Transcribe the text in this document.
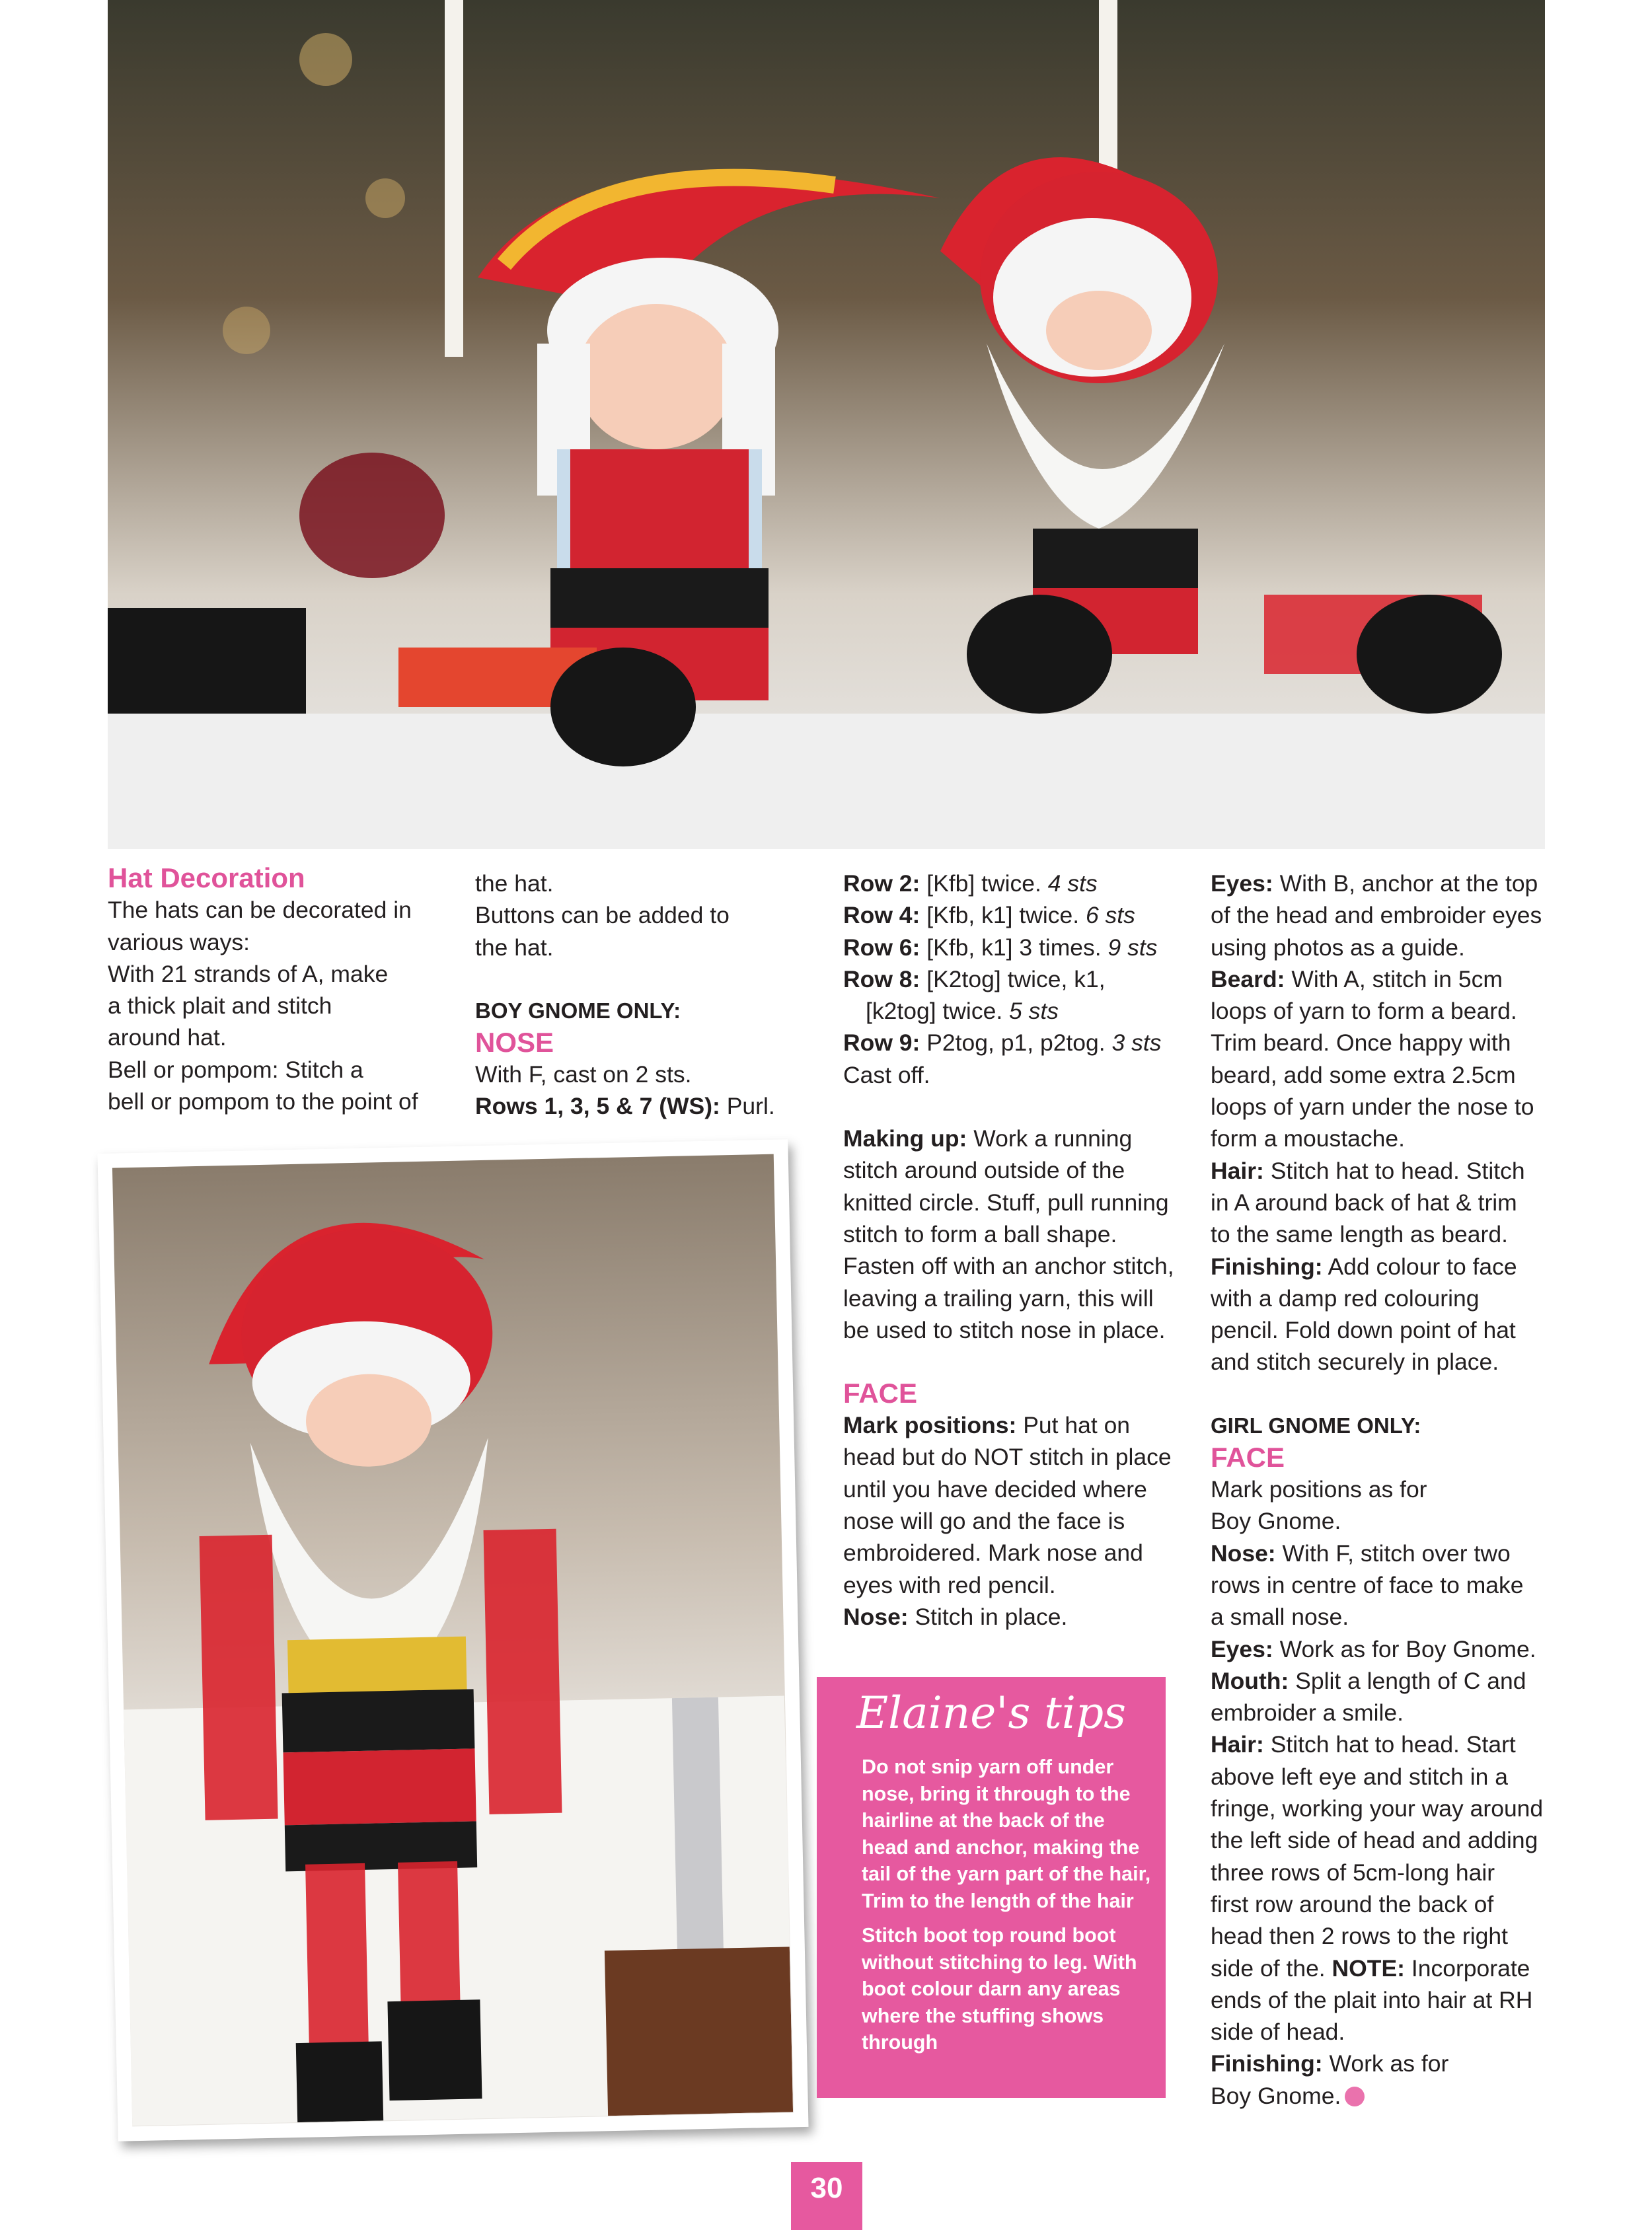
Hat Decoration

The hats can be decorated in

various ways:

With 21 strands of A, make

a thick plait and stitch

around hat.

Bell or pompom: Stitch a

bell or pompom to the point of

the hat.

Buttons can be added to

the hat.

BOY GNOME ONLY:

NOSE

With F, cast on 2 sts.

Rows 1, 3, 5 & 7 (WS): Purl.

Row 2: [Kfb] twice. 4 sts

Row 4: [Kfb, k1] twice. 6 sts

Row 6: [Kfb, k1] 3 times. 9 sts

Row 8: [K2tog] twice, k1,

[k2tog] twice. 5 sts

Row 9: P2tog, p1, p2tog. 3 sts

Cast off.

Making up: Work a running

stitch around outside of the

knitted circle. Stuff, pull running

stitch to form a ball shape.

Fasten off with an anchor stitch,

leaving a trailing yarn, this will

be used to stitch nose in place.

FACE

Mark positions: Put hat on

head but do NOT stitch in place

until you have decided where

nose will go and the face is

embroidered. Mark nose and

eyes with red pencil.

Nose: Stitch in place.

Elaine's tips

Do not snip yarn off under nose, bring it through to the hairline at the back of the head and anchor, making the tail of the yarn part of the hair, Trim to the length of the hair

Stitch boot top round boot without stitching to leg. With boot colour darn any areas where the stuffing shows through

Eyes: With B, anchor at the top

of the head and embroider eyes

using photos as a guide.

Beard: With A, stitch in 5cm

loops of yarn to form a beard.

Trim beard. Once happy with

beard, add some extra 2.5cm

loops of yarn under the nose to

form a moustache.

Hair: Stitch hat to head. Stitch

in A around back of hat & trim

to the same length as beard.

Finishing: Add colour to face

with a damp red colouring

pencil. Fold down point of hat

and stitch securely in place.

GIRL GNOME ONLY:

FACE

Mark positions as for

Boy Gnome.

Nose: With F, stitch over two

rows in centre of face to make

a small nose.

Eyes: Work as for Boy Gnome.

Mouth: Split a length of C and

embroider a smile.

Hair: Stitch hat to head. Start

above left eye and stitch in a

fringe, working your way around

the left side of head and adding

three rows of 5cm-long hair

first row around the back of

head then 2 rows to the right

side of the. NOTE: Incorporate

ends of the plait into hair at RH

side of head.

Finishing: Work as for

Boy Gnome.

30
